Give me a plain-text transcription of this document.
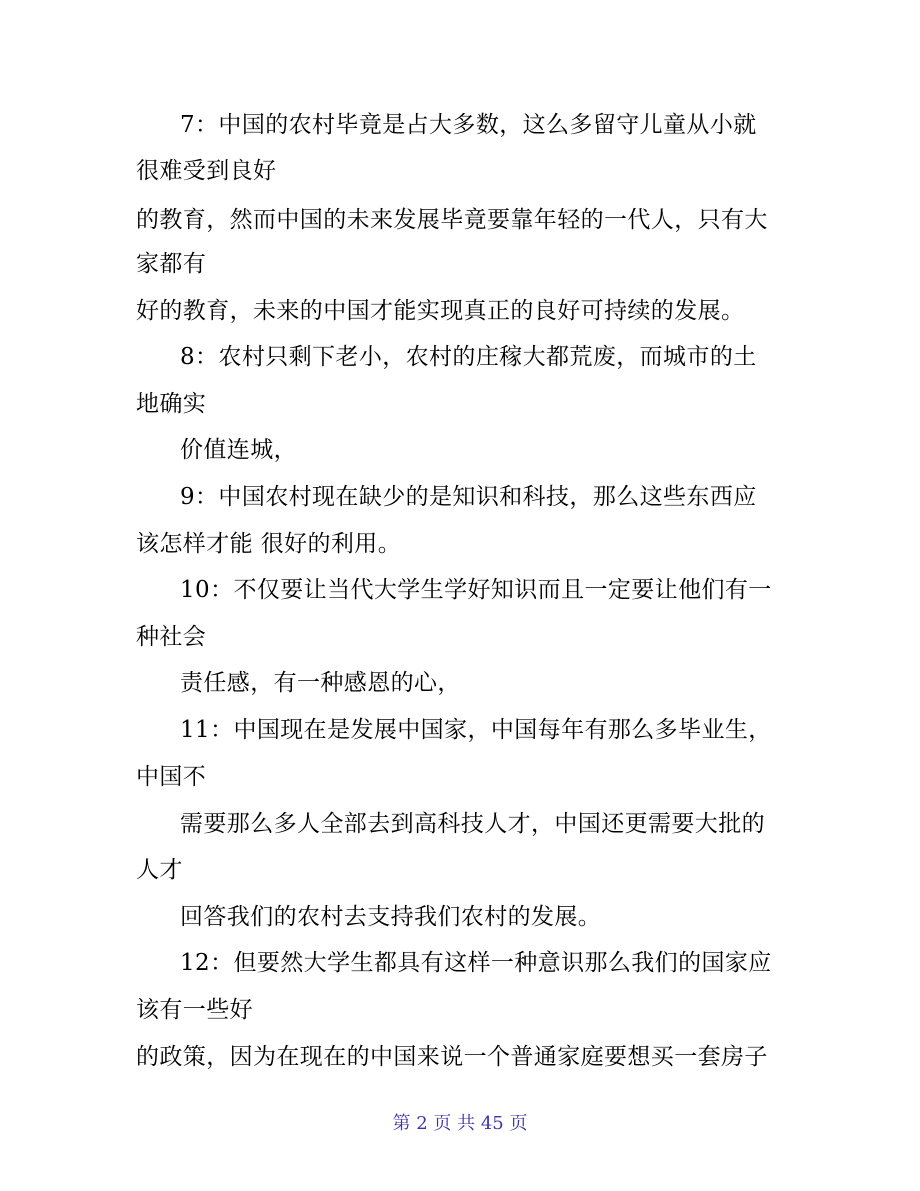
7：中国的农村毕竟是占大多数，这么多留守儿童从小就
很难受到良好
的教育，然而中国的未来发展毕竟要靠年轻的一代人，只有大
家都有
好的教育，未来的中国才能实现真正的良好可持续的发展。
8：农村只剩下老小，农村的庄稼大都荒废，而城市的土
地确实
价值连城，
9：中国农村现在缺少的是知识和科技，那么这些东西应
该怎样才能 很好的利用。
10：不仅要让当代大学生学好知识而且一定要让他们有一
种社会
责任感，有一种感恩的心，
11：中国现在是发展中国家，中国每年有那么多毕业生，
中国不
需要那么多人全部去到高科技人才，中国还更需要大批的
人才
回答我们的农村去支持我们农村的发展。
12：但要然大学生都具有这样一种意识那么我们的国家应
该有一些好
的政策，因为在现在的中国来说一个普通家庭要想买一套房子
第 2 页 共 45 页
